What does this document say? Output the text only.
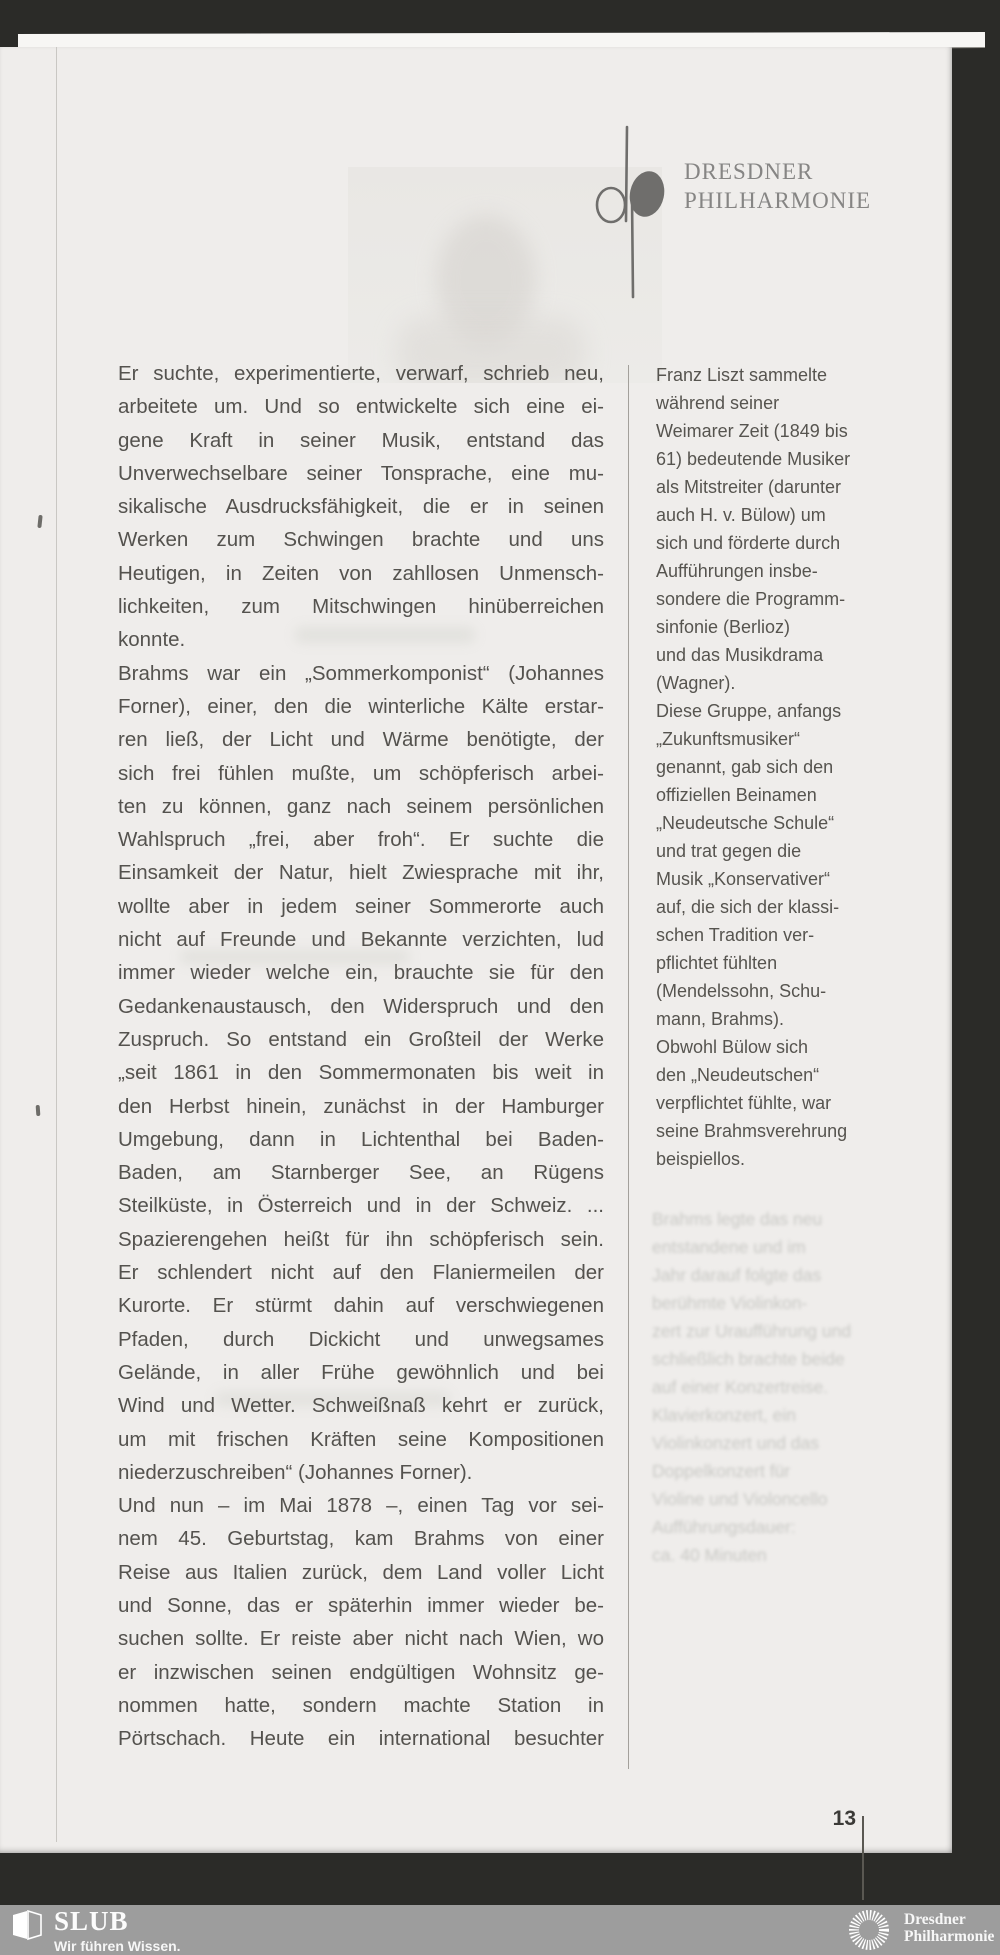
DRESDNER
PHILHARMONIE
Er suchte, experimentierte, verwarf, schrieb neu,
arbeitete um. Und so entwickelte sich eine ei-
gene Kraft in seiner Musik, entstand das
Unverwechselbare seiner Tonsprache, eine mu-
sikalische Ausdrucksfähigkeit, die er in seinen
Werken zum Schwingen brachte und uns
Heutigen, in Zeiten von zahllosen Unmensch-
lichkeiten, zum Mitschwingen hinüberreichen
konnte.
Brahms war ein „Sommerkomponist“ (Johannes
Forner), einer, den die winterliche Kälte erstar-
ren ließ, der Licht und Wärme benötigte, der
sich frei fühlen mußte, um schöpferisch arbei-
ten zu können, ganz nach seinem persönlichen
Wahlspruch „frei, aber froh“. Er suchte die
Einsamkeit der Natur, hielt Zwiesprache mit ihr,
wollte aber in jedem seiner Sommerorte auch
nicht auf Freunde und Bekannte verzichten, lud
immer wieder welche ein, brauchte sie für den
Gedankenaustausch, den Widerspruch und den
Zuspruch. So entstand ein Großteil der Werke
„seit 1861 in den Sommermonaten bis weit in
den Herbst hinein, zunächst in der Hamburger
Umgebung, dann in Lichtenthal bei Baden-
Baden, am Starnberger See, an Rügens
Steilküste, in Österreich und in der Schweiz. ...
Spazierengehen heißt für ihn schöpferisch sein.
Er schlendert nicht auf den Flaniermeilen der
Kurorte. Er stürmt dahin auf verschwiegenen
Pfaden, durch Dickicht und unwegsames
Gelände, in aller Frühe gewöhnlich und bei
Wind und Wetter. Schweißnaß kehrt er zurück,
um mit frischen Kräften seine Kompositionen
niederzuschreiben“ (Johannes Forner).
Und nun – im Mai 1878 –, einen Tag vor sei-
nem 45. Geburtstag, kam Brahms von einer
Reise aus Italien zurück, dem Land voller Licht
und Sonne, das er späterhin immer wieder be-
suchen sollte. Er reiste aber nicht nach Wien, wo
er inzwischen seinen endgültigen Wohnsitz ge-
nommen hatte, sondern machte Station in
Pörtschach. Heute ein international besuchter
Franz Liszt sammelte
während seiner
Weimarer Zeit (1849 bis
61) bedeutende Musiker
als Mitstreiter (darunter
auch H. v. Bülow) um
sich und förderte durch
Aufführungen insbe-
sondere die Programm-
sinfonie (Berlioz)
und das Musikdrama
(Wagner).
Diese Gruppe, anfangs
„Zukunftsmusiker“
genannt, gab sich den
offiziellen Beinamen
„Neudeutsche Schule“
und trat gegen die
Musik „Konservativer“
auf, die sich der klassi-
schen Tradition ver-
pflichtet fühlten
(Mendelssohn, Schu-
mann, Brahms).
Obwohl Bülow sich
den „Neudeutschen“
verpflichtet fühlte, war
seine Brahmsverehrung
beispiellos.
Brahms legte das neu
entstandene und im
Jahr darauf folgte das
berühmte Violinkon-
zert zur Uraufführung und
schließlich brachte beide
auf einer Konzertreise.
Klavierkonzert, ein
Violinkonzert und das
Doppelkonzert für
Violine und Violoncello
Aufführungsdauer:
ca. 40 Minuten
13
SLUB
Wir führen Wissen.
Dresdner
Philharmonie
